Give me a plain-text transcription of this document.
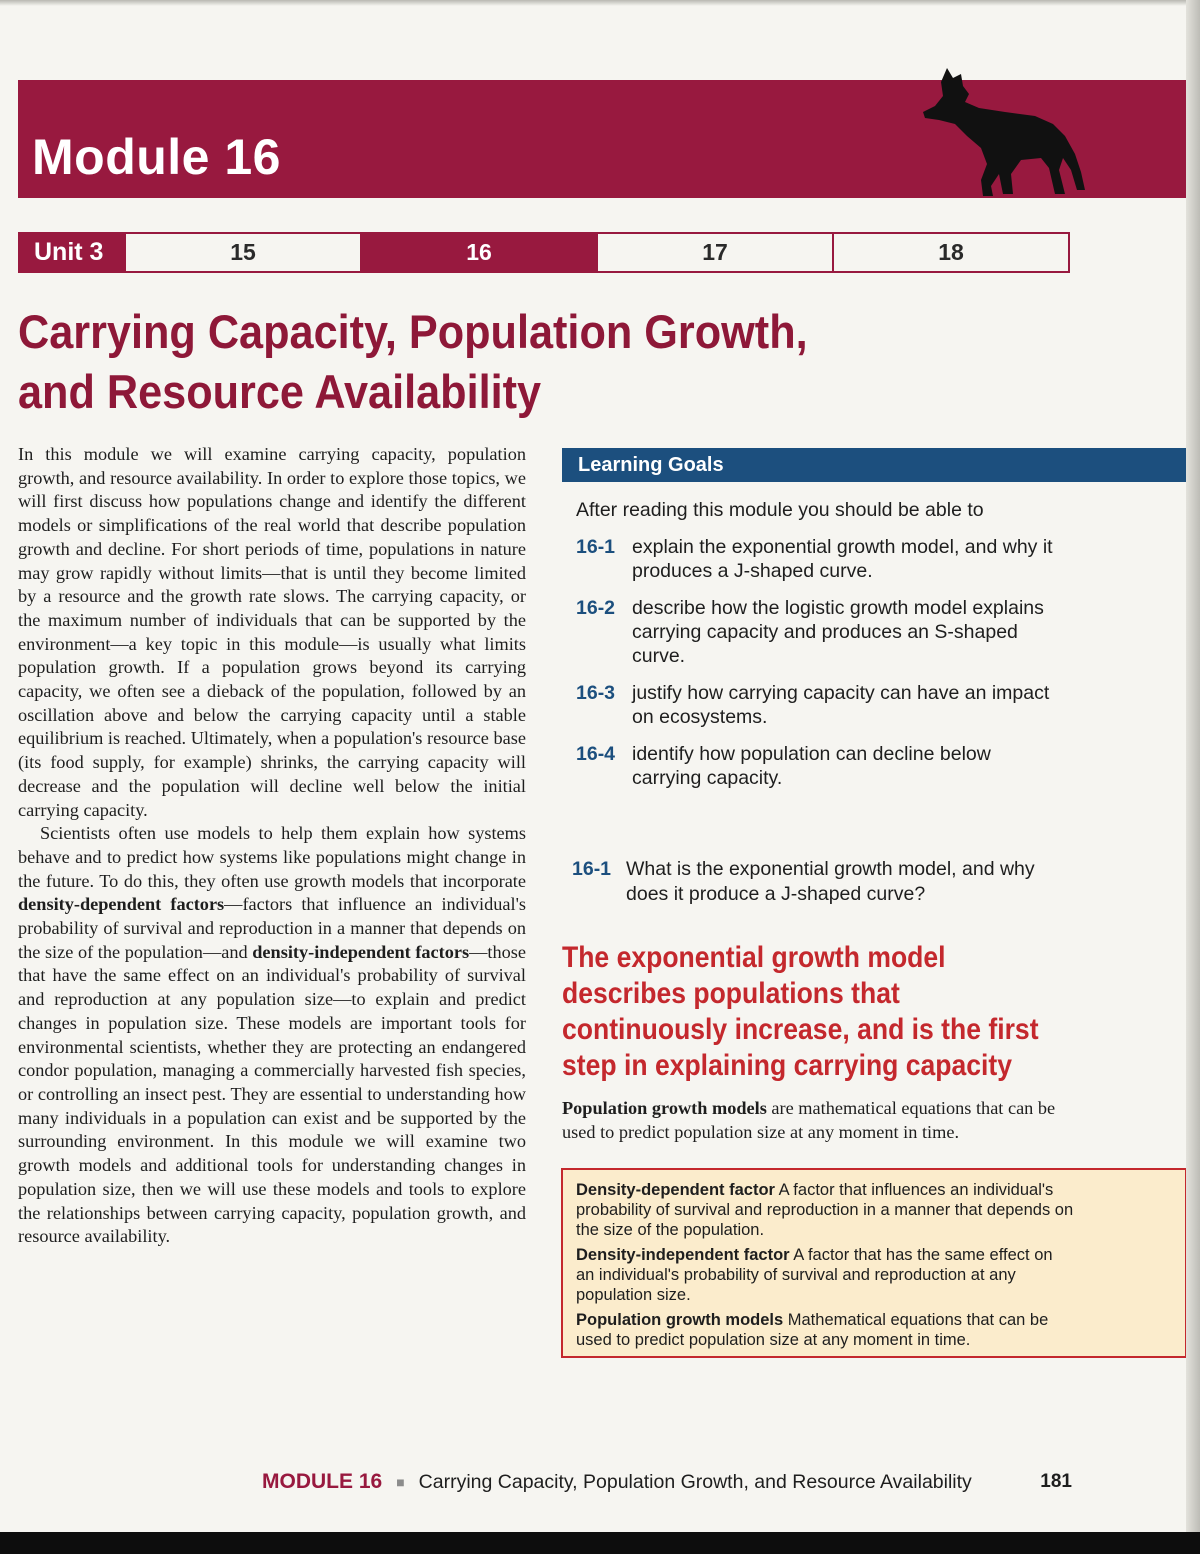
Module 16
Unit 3	15	16	17	18
Carrying Capacity, Population Growth,
and Resource Availability

In this module we will examine carrying capacity, population growth, and resource availability. In order to explore those topics, we will first discuss how populations change and identify the different models or simplifications of the real world that describe population growth and decline. For short periods of time, populations in nature may grow rapidly without limits—that is until they become limited by a resource and the growth rate slows. The carrying capacity, or the maximum number of individuals that can be supported by the environment—a key topic in this module—is usually what limits population growth. If a population grows beyond its carrying capacity, we often see a dieback of the population, followed by an oscillation above and below the carrying capacity until a stable equilibrium is reached. Ultimately, when a population's resource base (its food supply, for example) shrinks, the carrying capacity will decrease and the population will decline well below the initial carrying capacity.

Scientists often use models to help them explain how systems behave and to predict how systems like populations might change in the future. To do this, they often use growth models that incorporate density-dependent factors—factors that influence an individual's probability of survival and reproduction in a manner that depends on the size of the population—and density-independent factors—those that have the same effect on an individual's probability of survival and reproduction at any population size—to explain and predict changes in population size. These models are important tools for environmental scientists, whether they are protecting an endangered condor population, managing a commercially harvested fish species, or controlling an insect pest. They are essential to understanding how many individuals in a population can exist and be supported by the surrounding environment. In this module we will examine two growth models and additional tools for understanding changes in population size, then we will use these models and tools to explore the relationships between carrying capacity, population growth, and resource availability.

Learning Goals
After reading this module you should be able to
16-1 explain the exponential growth model, and why it produces a J-shaped curve.
16-2 describe how the logistic growth model explains carrying capacity and produces an S-shaped curve.
16-3 justify how carrying capacity can have an impact on ecosystems.
16-4 identify how population can decline below carrying capacity.
16-1 What is the exponential growth model, and why does it produce a J-shaped curve?
The exponential growth model describes populations that continuously increase, and is the first step in explaining carrying capacity
Population growth models are mathematical equations that can be used to predict population size at any moment in time.
Density-dependent factor A factor that influences an individual's probability of survival and reproduction in a manner that depends on the size of the population.
Density-independent factor A factor that has the same effect on an individual's probability of survival and reproduction at any population size.
Population growth models Mathematical equations that can be used to predict population size at any moment in time.
MODULE 16 ■ Carrying Capacity, Population Growth, and Resource Availability	181
